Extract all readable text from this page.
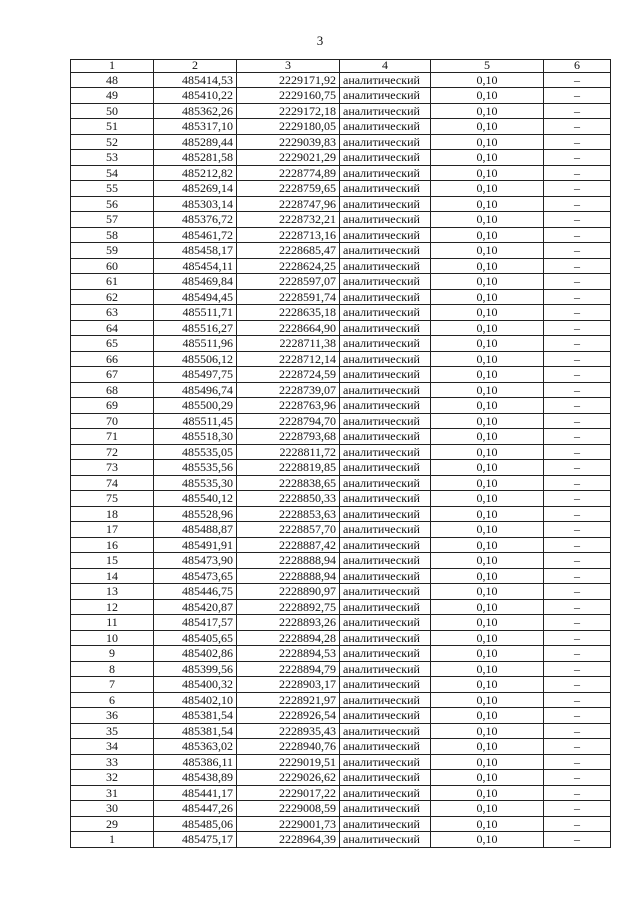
3
1	2	3	4	5	6
48	485414,53	2229171,92	аналитический	0,10	–
49	485410,22	2229160,75	аналитический	0,10	–
50	485362,26	2229172,18	аналитический	0,10	–
51	485317,10	2229180,05	аналитический	0,10	–
52	485289,44	2229039,83	аналитический	0,10	–
53	485281,58	2229021,29	аналитический	0,10	–
54	485212,82	2228774,89	аналитический	0,10	–
55	485269,14	2228759,65	аналитический	0,10	–
56	485303,14	2228747,96	аналитический	0,10	–
57	485376,72	2228732,21	аналитический	0,10	–
58	485461,72	2228713,16	аналитический	0,10	–
59	485458,17	2228685,47	аналитический	0,10	–
60	485454,11	2228624,25	аналитический	0,10	–
61	485469,84	2228597,07	аналитический	0,10	–
62	485494,45	2228591,74	аналитический	0,10	–
63	485511,71	2228635,18	аналитический	0,10	–
64	485516,27	2228664,90	аналитический	0,10	–
65	485511,96	2228711,38	аналитический	0,10	–
66	485506,12	2228712,14	аналитический	0,10	–
67	485497,75	2228724,59	аналитический	0,10	–
68	485496,74	2228739,07	аналитический	0,10	–
69	485500,29	2228763,96	аналитический	0,10	–
70	485511,45	2228794,70	аналитический	0,10	–
71	485518,30	2228793,68	аналитический	0,10	–
72	485535,05	2228811,72	аналитический	0,10	–
73	485535,56	2228819,85	аналитический	0,10	–
74	485535,30	2228838,65	аналитический	0,10	–
75	485540,12	2228850,33	аналитический	0,10	–
18	485528,96	2228853,63	аналитический	0,10	–
17	485488,87	2228857,70	аналитический	0,10	–
16	485491,91	2228887,42	аналитический	0,10	–
15	485473,90	2228888,94	аналитический	0,10	–
14	485473,65	2228888,94	аналитический	0,10	–
13	485446,75	2228890,97	аналитический	0,10	–
12	485420,87	2228892,75	аналитический	0,10	–
11	485417,57	2228893,26	аналитический	0,10	–
10	485405,65	2228894,28	аналитический	0,10	–
9	485402,86	2228894,53	аналитический	0,10	–
8	485399,56	2228894,79	аналитический	0,10	–
7	485400,32	2228903,17	аналитический	0,10	–
6	485402,10	2228921,97	аналитический	0,10	–
36	485381,54	2228926,54	аналитический	0,10	–
35	485381,54	2228935,43	аналитический	0,10	–
34	485363,02	2228940,76	аналитический	0,10	–
33	485386,11	2229019,51	аналитический	0,10	–
32	485438,89	2229026,62	аналитический	0,10	–
31	485441,17	2229017,22	аналитический	0,10	–
30	485447,26	2229008,59	аналитический	0,10	–
29	485485,06	2229001,73	аналитический	0,10	–
1	485475,17	2228964,39	аналитический	0,10	–
